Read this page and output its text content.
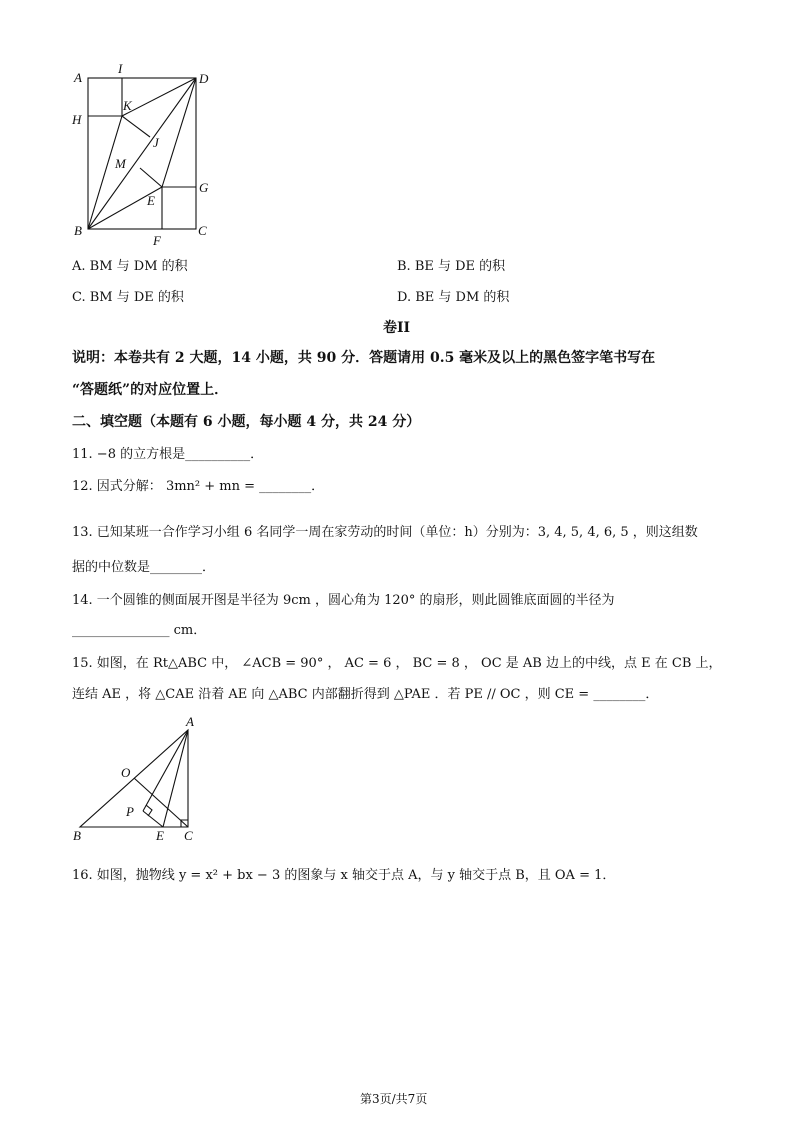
A
I
D
H
K
J
M
G
E
B
F
C
A. BM 与 DM 的积	B. BE 与 DE 的积
C. BM 与 DE 的积	D. BE 与 DM 的积
卷II
说明：本卷共有 2 大题，14 小题，共 90 分．答题请用 0.5 毫米及以上的黑色签字笔书写在
“答题纸”的对应位置上．
二、填空题（本题有 6 小题，每小题 4 分，共 24 分）
11. −8 的立方根是__________．
12. 因式分解： 3mn² + mn = ________．
13. 已知某班一合作学习小组 6 名同学一周在家劳动的时间（单位：h）分别为：3, 4, 5, 4, 6, 5 ，则这组数
据的中位数是________．
14. 一个圆锥的侧面展开图是半径为 9cm ，圆心角为 120° 的扇形，则此圆锥底面圆的半径为
_______________ cm．
15. 如图，在 Rt△ABC 中， ∠ACB = 90° ， AC = 6 ， BC = 8 ， OC 是 AB 边上的中线，点 E 在 CB 上，
连结 AE ，将 △CAE 沿着 AE 向 △ABC 内部翻折得到 △PAE ．若 PE // OC ，则 CE = ________．
A
O
P
B	E C
16. 如图，抛物线 y = x² + bx − 3 的图象与 x 轴交于点 A，与 y 轴交于点 B，且 OA = 1．
第3页/共7页
